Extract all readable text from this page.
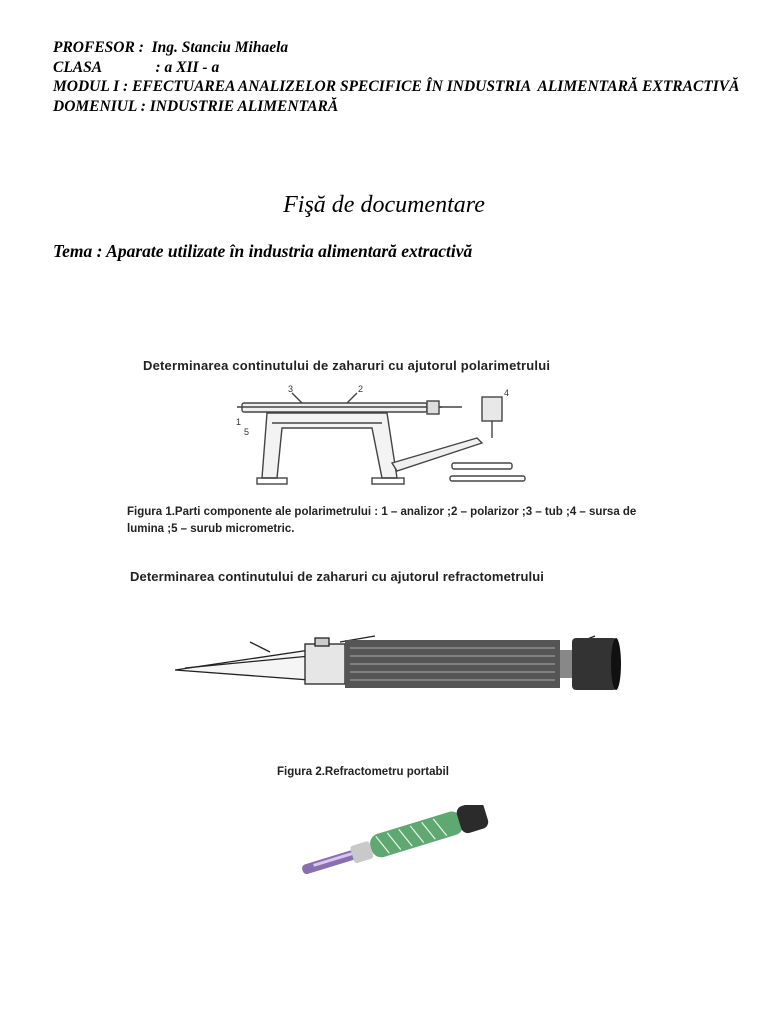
PROFESOR :  Ing. Stanciu Mihaela
CLASA              : a XII - a
MODUL I : EFECTUAREA ANALIZELOR SPECIFICE ÎN INDUSTRIA  ALIMENTARĂ EXTRACTIVĂ
DOMENIUL : INDUSTRIE ALIMENTARĂ
Fişă de documentare
Tema : Aparate utilizate în industria alimentară extractivă
Determinarea continutului de zaharuri cu ajutorul polarimetrului
3	2	4
1
5
Figura 1.Parti componente ale polarimetrului : 1 – analizor ;2 – polarizor ;3 – tub ;4 – sursa de lumina ;5 – surub micrometric.
Determinarea continutului de zaharuri cu ajutorul refractometrului
Figura 2.Refractometru portabil
